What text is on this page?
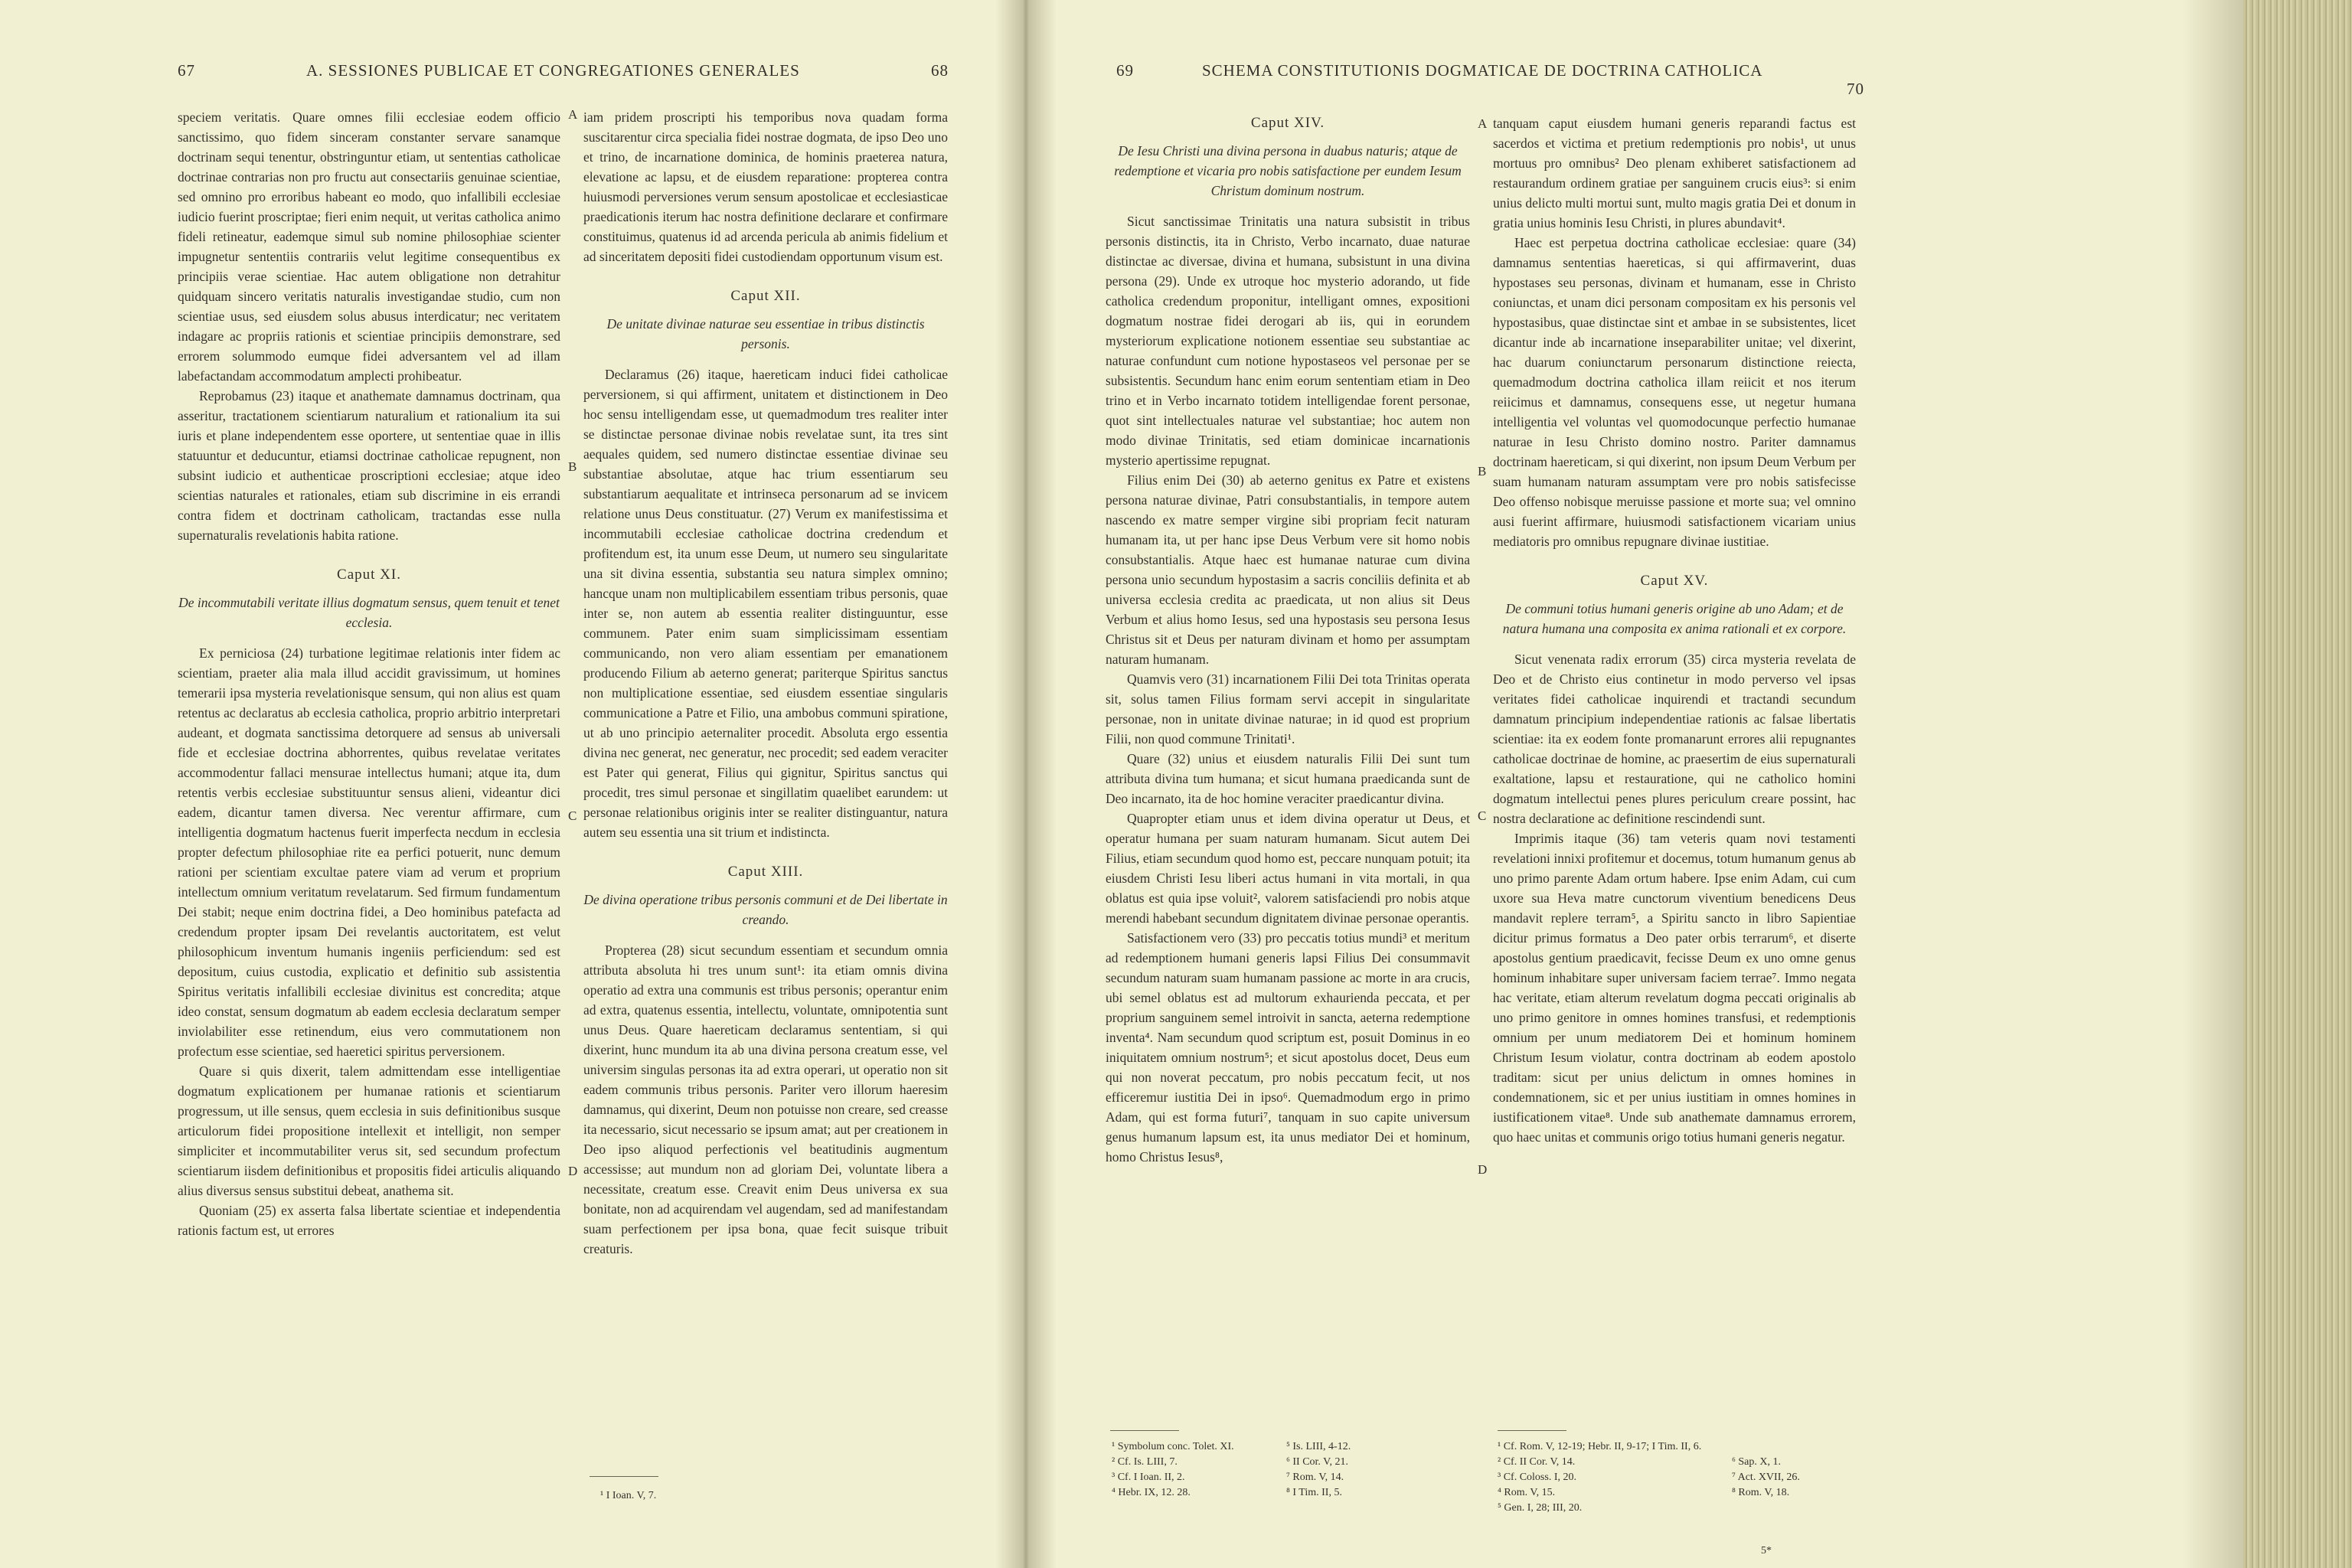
67	A. SESSIONES PUBLICAE ET CONGREGATIONES GENERALES	68	69	SCHEMA CONSTITUTIONIS DOGMATICAE DE DOCTRINA CATHOLICA
70

speciem veritatis. Quare omnes filii ecclesiae eodem officio sanctissimo, quo fidem sinceram constanter servare sanamque doctrinam sequi tenentur, obstringuntur etiam, ut sententias catholicae doctrinae contrarias non pro fructu aut consectariis genuinae scientiae, sed omnino pro erroribus habeant eo modo, quo infallibili ecclesiae iudicio fuerint proscriptae; fieri enim nequit, ut veritas catholica animo fideli retineatur, eademque simul sub nomine philosophiae scienter impugnetur sententiis contrariis velut legitime consequentibus ex principiis verae scientiae. Hac autem obligatione non detrahitur quidquam sincero veritatis naturalis investigandae studio, cum non scientiae usus, sed eiusdem solus abusus interdicatur; nec veritatem indagare ac propriis rationis et scientiae principiis demonstrare, sed errorem solummodo eumque fidei adversantem vel ad illam labefactandam accommodatum amplecti prohibeatur.

Reprobamus (23) itaque et anathemate damnamus doctrinam, qua asseritur, tractationem scientiarum naturalium et rationalium ita sui iuris et plane independentem esse oportere, ut sententiae quae in illis statuuntur et deducuntur, etiamsi doctrinae catholicae repugnent, non subsint iudicio et authenticae proscriptioni ecclesiae; atque ideo scientias naturales et rationales, etiam sub discrimine in eis errandi contra fidem et doctrinam catholicam, tractandas esse nulla supernaturalis revelationis habita ratione.

Caput XI.
De incommutabili veritate illius dogmatum sensus, quem tenuit et tenet ecclesia.

Ex perniciosa (24) turbatione legitimae relationis inter fidem ac scientiam, praeter alia mala illud accidit gravissimum, ut homines temerarii ipsa mysteria revelationisque sensum, qui non alius est quam retentus ac declaratus ab ecclesia catholica, proprio arbitrio interpretari audeant, et dogmata sanctissima detorquere ad sensus ab universali fide et ecclesiae doctrina abhorrentes, quibus revelatae veritates accommodentur fallaci mensurae intellectus humani; atque ita, dum retentis verbis ecclesiae substituuntur sensus alieni, videantur dici eadem, dicantur tamen diversa. Nec verentur affirmare, cum intelligentia dogmatum hactenus fuerit imperfecta necdum in ecclesia propter defectum philosophiae rite ea perfici potuerit, nunc demum rationi per scientiam excultae patere viam ad verum et proprium intellectum omnium veritatum revelatarum. Sed firmum fundamentum Dei stabit; neque enim doctrina fidei, a Deo hominibus patefacta ad credendum propter ipsam Dei revelantis auctoritatem, est velut philosophicum inventum humanis ingeniis perficiendum: sed est depositum, cuius custodia, explicatio et definitio sub assistentia Spiritus veritatis infallibili ecclesiae divinitus est concredita; atque ideo constat, sensum dogmatum ab eadem ecclesia declaratum semper inviolabiliter esse retinendum, eius vero commutationem non profectum esse scientiae, sed haeretici spiritus perversionem.

Quare si quis dixerit, talem admittendam esse intelligentiae dogmatum explicationem per humanae rationis et scientiarum progressum, ut ille sensus, quem ecclesia in suis definitionibus susque articulorum fidei propositione intellexit et intelligit, non semper simpliciter et incommutabiliter verus sit, sed secundum profectum scientiarum iisdem definitionibus et propositis fidei articulis aliquando alius diversus sensus substitui debeat, anathema sit.

Quoniam (25) ex asserta falsa libertate scientiae et independentia rationis factum est, ut errores

iam pridem proscripti his temporibus nova quadam forma suscitarentur circa specialia fidei nostrae dogmata, de ipso Deo uno et trino, de incarnatione dominica, de hominis praeterea natura, elevatione ac lapsu, et de eiusdem reparatione: propterea contra huiusmodi perversiones verum sensum apostolicae et ecclesiasticae praedicationis iterum hac nostra definitione declarare et confirmare constituimus, quatenus id ad arcenda pericula ab animis fidelium et ad sinceritatem depositi fidei custodiendam opportunum visum est.

Caput XII.
De unitate divinae naturae seu essentiae in tribus distinctis personis.

Declaramus (26) itaque, haereticam induci fidei catholicae perversionem, si qui affirment, unitatem et distinctionem in Deo hoc sensu intelligendam esse, ut quemadmodum tres realiter inter se distinctae personae divinae nobis revelatae sunt, ita tres sint aequales quidem, sed numero distinctae essentiae divinae seu substantiae absolutae, atque hac trium essentiarum seu substantiarum aequalitate et intrinseca personarum ad se invicem relatione unus Deus constituatur. (27) Verum ex manifestissima et incommutabili ecclesiae catholicae doctrina credendum et profitendum est, ita unum esse Deum, ut numero seu singularitate una sit divina essentia, substantia seu natura simplex omnino; hancque unam non multiplicabilem essentiam tribus personis, quae inter se, non autem ab essentia realiter distinguuntur, esse communem. Pater enim suam simplicissimam essentiam communicando, non vero aliam essentiam per emanationem producendo Filium ab aeterno generat; pariterque Spiritus sanctus non multiplicatione essentiae, sed eiusdem essentiae singularis communicatione a Patre et Filio, una ambobus communi spiratione, ut ab uno principio aeternaliter procedit. Absoluta ergo essentia divina nec generat, nec generatur, nec procedit; sed eadem veraciter est Pater qui generat, Filius qui gignitur, Spiritus sanctus qui procedit, tres simul personae et singillatim quaelibet earundem: ut personae relationibus originis inter se realiter distinguantur, natura autem seu essentia una sit trium et indistincta.

Caput XIII.
De divina operatione tribus personis communi et de Dei libertate in creando.

Propterea (28) sicut secundum essentiam et secundum omnia attributa absoluta hi tres unum sunt¹: ita etiam omnis divina operatio ad extra una communis est tribus personis; operantur enim ad extra, quatenus essentia, intellectu, voluntate, omnipotentia sunt unus Deus. Quare haereticam declaramus sententiam, si qui dixerint, hunc mundum ita ab una divina persona creatum esse, vel universim singulas personas ita ad extra operari, ut operatio non sit eadem communis tribus personis. Pariter vero illorum haeresim damnamus, qui dixerint, Deum non potuisse non creare, sed creasse ita necessario, sicut necessario se ipsum amat; aut per creationem in Deo ipso aliquod perfectionis vel beatitudinis augmentum accessisse; aut mundum non ad gloriam Dei, voluntate libera a necessitate, creatum esse. Creavit enim Deus universa ex sua bonitate, non ad acquirendam vel augendam, sed ad manifestandam suam perfectionem per ipsa bona, quae fecit suisque tribuit creaturis.

¹ I Ioan. V, 7.
A
B
C
D
A
B
C
D
Caput XIV.
De Iesu Christi una divina persona in duabus naturis; atque de redemptione et vicaria pro nobis satisfactione per eundem Iesum Christum dominum nostrum.

Sicut sanctissimae Trinitatis una natura subsistit in tribus personis distinctis, ita in Christo, Verbo incarnato, duae naturae distinctae ac diversae, divina et humana, subsistunt in una divina persona (29). Unde ex utroque hoc mysterio adorando, ut fide catholica credendum proponitur, intelligant omnes, expositioni dogmatum nostrae fidei derogari ab iis, qui in eorundem mysteriorum explicatione notionem essentiae seu substantiae ac naturae confundunt cum notione hypostaseos vel personae per se subsistentis. Secundum hanc enim eorum sententiam etiam in Deo trino et in Verbo incarnato totidem intelligendae forent personae, quot sint intellectuales naturae vel substantiae; hoc autem non modo divinae Trinitatis, sed etiam dominicae incarnationis mysterio apertissime repugnat.

Filius enim Dei (30) ab aeterno genitus ex Patre et existens persona naturae divinae, Patri consubstantialis, in tempore autem nascendo ex matre semper virgine sibi propriam fecit naturam humanam ita, ut per hanc ipse Deus Verbum vere sit homo nobis consubstantialis. Atque haec est humanae naturae cum divina persona unio secundum hypostasim a sacris conciliis definita et ab universa ecclesia credita ac praedicata, ut non alius sit Deus Verbum et alius homo Iesus, sed una hypostasis seu persona Iesus Christus sit et Deus per naturam divinam et homo per assumptam naturam humanam.

Quamvis vero (31) incarnationem Filii Dei tota Trinitas operata sit, solus tamen Filius formam servi accepit in singularitate personae, non in unitate divinae naturae; in id quod est proprium Filii, non quod commune Trinitati¹.

Quare (32) unius et eiusdem naturalis Filii Dei sunt tum attributa divina tum humana; et sicut humana praedicanda sunt de Deo incarnato, ita de hoc homine veraciter praedicantur divina.

Quapropter etiam unus et idem divina operatur ut Deus, et operatur humana per suam naturam humanam. Sicut autem Dei Filius, etiam secundum quod homo est, peccare nunquam potuit; ita eiusdem Christi Iesu liberi actus humani in vita mortali, in qua oblatus est quia ipse voluit², valorem satisfaciendi pro nobis atque merendi habebant secundum dignitatem divinae personae operantis.

Satisfactionem vero (33) pro peccatis totius mundi³ et meritum ad redemptionem humani generis lapsi Filius Dei consummavit secundum naturam suam humanam passione ac morte in ara crucis, ubi semel oblatus est ad multorum exhaurienda peccata, et per proprium sanguinem semel introivit in sancta, aeterna redemptione inventa⁴. Nam secundum quod scriptum est, posuit Dominus in eo iniquitatem omnium nostrum⁵; et sicut apostolus docet, Deus eum qui non noverat peccatum, pro nobis peccatum fecit, ut nos efficeremur iustitia Dei in ipso⁶. Quemadmodum ergo in primo Adam, qui est forma futuri⁷, tanquam in suo capite universum genus humanum lapsum est, ita unus mediator Dei et hominum, homo Christus Iesus⁸,

¹ Symbolum conc. Tolet. XI.
² Cf. Is. LIII, 7.
³ Cf. I Ioan. II, 2.
⁴ Hebr. IX, 12. 28.
⁵ Is. LIII, 4-12.
⁶ II Cor. V, 21.
⁷ Rom. V, 14.
⁸ I Tim. II, 5.

tanquam caput eiusdem humani generis reparandi factus est sacerdos et victima et pretium redemptionis pro nobis¹, ut unus mortuus pro omnibus² Deo plenam exhiberet satisfactionem ad restaurandum ordinem gratiae per sanguinem crucis eius³: si enim unius delicto multi mortui sunt, multo magis gratia Dei et donum in gratia unius hominis Iesu Christi, in plures abundavit⁴.

Haec est perpetua doctrina catholicae ecclesiae: quare (34) damnamus sententias haereticas, si qui affirmaverint, duas hypostases seu personas, divinam et humanam, esse in Christo coniunctas, et unam dici personam compositam ex his personis vel hypostasibus, quae distinctae sint et ambae in se subsistentes, licet dicantur inde ab incarnatione inseparabiliter unitae; vel dixerint, hac duarum coniunctarum personarum distinctione reiecta, quemadmodum doctrina catholica illam reiicit et nos iterum reiicimus et damnamus, consequens esse, ut negetur humana intelligentia vel voluntas vel quomodocunque perfectio humanae naturae in Iesu Christo domino nostro. Pariter damnamus doctrinam haereticam, si qui dixerint, non ipsum Deum Verbum per suam humanam naturam assumptam vere pro nobis satisfecisse Deo offenso nobisque meruisse passione et morte sua; vel omnino ausi fuerint affirmare, huiusmodi satisfactionem vicariam unius mediatoris pro omnibus repugnare divinae iustitiae.

Caput XV.
De communi totius humani generis origine ab uno Adam; et de natura humana una composita ex anima rationali et ex corpore.

Sicut venenata radix errorum (35) circa mysteria revelata de Deo et de Christo eius continetur in modo perverso vel ipsas veritates fidei catholicae inquirendi et tractandi secundum damnatum principium independentiae rationis ac falsae libertatis scientiae: ita ex eodem fonte promanarunt errores alii repugnantes catholicae doctrinae de homine, ac praesertim de eius supernaturali exaltatione, lapsu et restauratione, qui ne catholico homini dogmatum intellectui penes plures periculum creare possint, hac nostra declaratione ac definitione rescindendi sunt.

Imprimis itaque (36) tam veteris quam novi testamenti revelationi innixi profitemur et docemus, totum humanum genus ab uno primo parente Adam ortum habere. Ipse enim Adam, cui cum uxore sua Heva matre cunctorum viventium benedicens Deus mandavit replere terram⁵, a Spiritu sancto in libro Sapientiae dicitur primus formatus a Deo pater orbis terrarum⁶, et diserte apostolus gentium praedicavit, fecisse Deum ex uno omne genus hominum inhabitare super universam faciem terrae⁷. Immo negata hac veritate, etiam alterum revelatum dogma peccati originalis ab uno primo genitore in omnes homines transfusi, et redemptionis omnium per unum mediatorem Dei et hominum hominem Christum Iesum violatur, contra doctrinam ab eodem apostolo traditam: sicut per unius delictum in omnes homines in condemnationem, sic et per unius iustitiam in omnes homines in iustificationem vitae⁸. Unde sub anathemate damnamus errorem, quo haec unitas et communis origo totius humani generis negatur.

¹ Cf. Rom. V, 12-19; Hebr. II, 9-17; I Tim. II, 6.
² Cf. II Cor. V, 14.
³ Cf. Coloss. I, 20.
⁴ Rom. V, 15.
⁵ Gen. I, 28; III, 20.
⁶ Sap. X, 1.
⁷ Act. XVII, 26.
⁸ Rom. V, 18.
5*
